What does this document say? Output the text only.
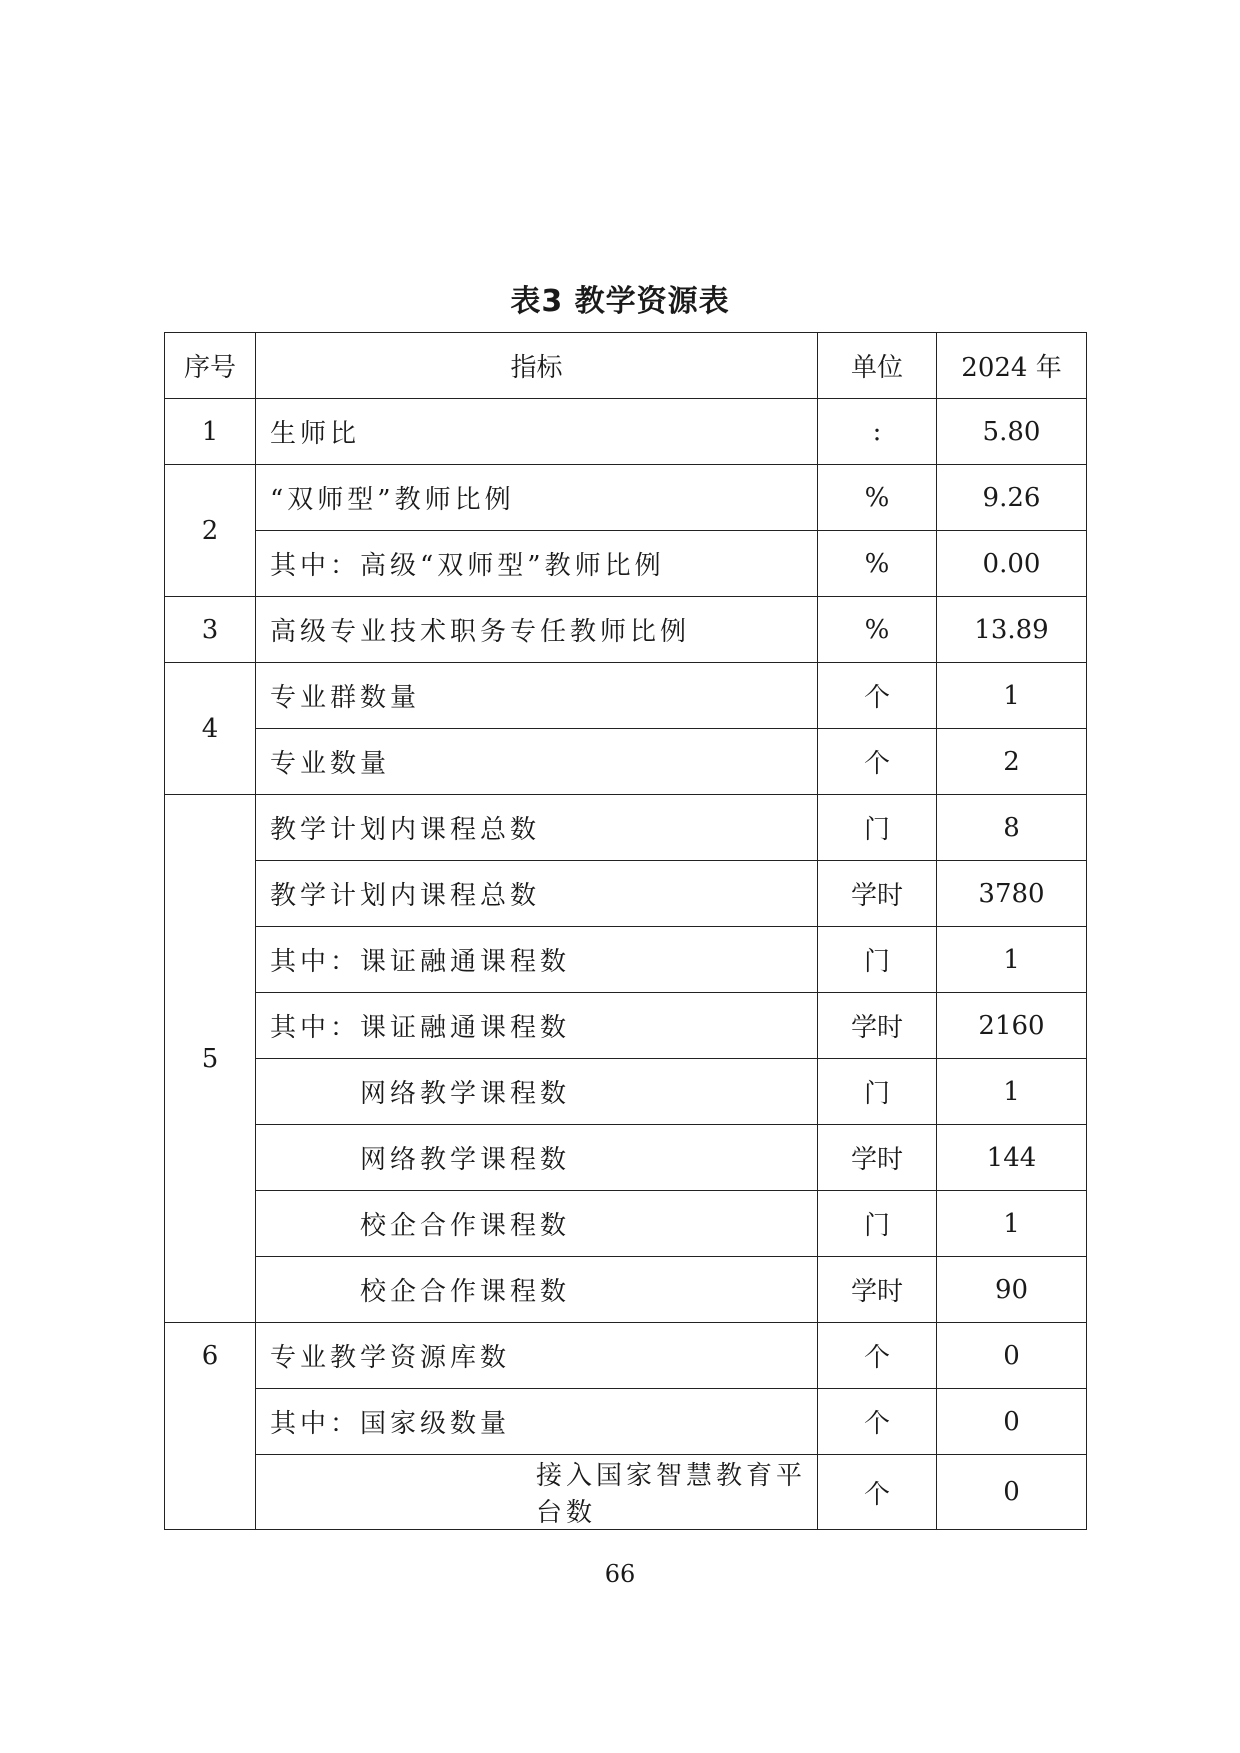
表3 教学资源表
序号	指标	单位	2024 年
1	生师比	:	5.80
2	“双师型”教师比例	%	9.26
	其中：高级“双师型”教师比例	%	0.00
3	高级专业技术职务专任教师比例	%	13.89
4	专业群数量	个	1
	专业数量	个	2
5	教学计划内课程总数	门	8
	教学计划内课程总数	学时	3780
	其中：课证融通课程数	门	1
	其中：课证融通课程数	学时	2160
	网络教学课程数	门	1
	网络教学课程数	学时	144
	校企合作课程数	门	1
	校企合作课程数	学时	90
6	专业教学资源库数	个	0
	其中：国家级数量	个	0
	接入国家智慧教育平台数	个	0
66
